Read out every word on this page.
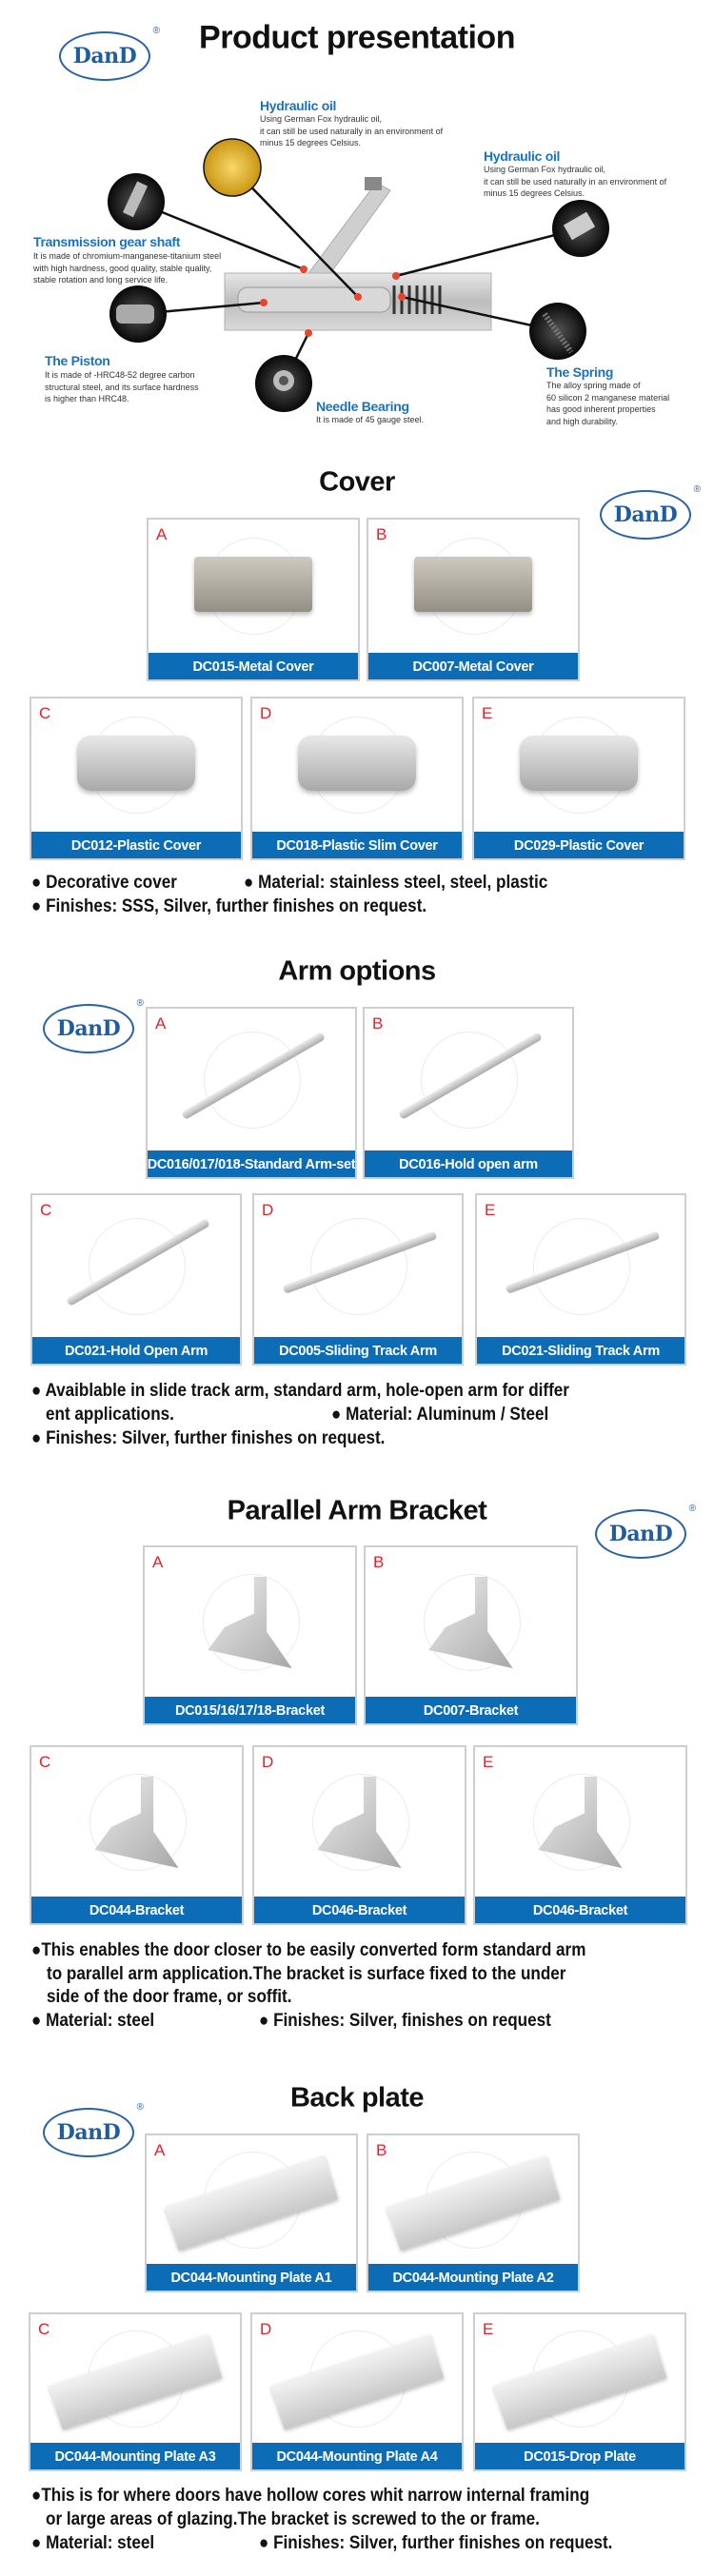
Product presentation
Hydraulic oil
Using German Fox hydraulic oil,
it can still be used naturally in an environment of
minus 15 degrees Celsius.
Hydraulic oil
Using German Fox hydraulic oil,
it can still be used naturally in an environment of
minus 15 degrees Celsius.
Transmission gear shaft
It is made of chromium-manganese-titanium steel
with high hardness, good quality, stable quality,
stable rotation and long service life.
The Piston
It is made of -HRC48-52 degree carbon
structural steel, and its surface hardness
is higher than HRC48.	Needle Bearing
It is made of 45 gauge steel.
The Spring
The alloy spring made of
60 silicon 2 manganese material
has good inherent properties
and high durability.
DanD
®
Cover
DanD
®
A
DC015-Metal Cover
B
DC007-Metal Cover
C
DC012-Plastic Cover
D
DC018-Plastic Slim Cover
E
DC029-Plastic Cover
● Decorative cover	● Material: stainless steel, steel, plastic
● Finishes: SSS, Silver, further finishes on request.
Arm options
DanD
®
A
DC016/017/018-Standard Arm-set
B
DC016-Hold open arm
C
DC021-Hold Open Arm
D
DC005-Sliding Track Arm
E
DC021-Sliding Track Arm
● Avaiblable in slide track arm, standard arm, hole-open arm for differ
ent applications.	● Material: Aluminum / Steel
● Finishes: Silver, further finishes on request.
Parallel Arm Bracket
DanD
®
A
DC015/16/17/18-Bracket
B
DC007-Bracket
C
DC044-Bracket
D
DC046-Bracket
E
DC046-Bracket
●This enables the door closer to be easily converted form standard arm
to parallel arm application.The bracket is surface fixed to the under
side of the door frame, or soffit.
● Material: steel	● Finishes: Silver, finishes on request
Back plate
DanD
®
A
DC044-Mounting Plate A1
B
DC044-Mounting Plate A2
C
DC044-Mounting Plate A3
D
DC044-Mounting Plate A4
E
DC015-Drop Plate
●This is for where doors have hollow cores whit narrow internal framing
or large areas of glazing.The bracket is screwed to the or frame.
● Material: steel	● Finishes: Silver, further finishes on request.
